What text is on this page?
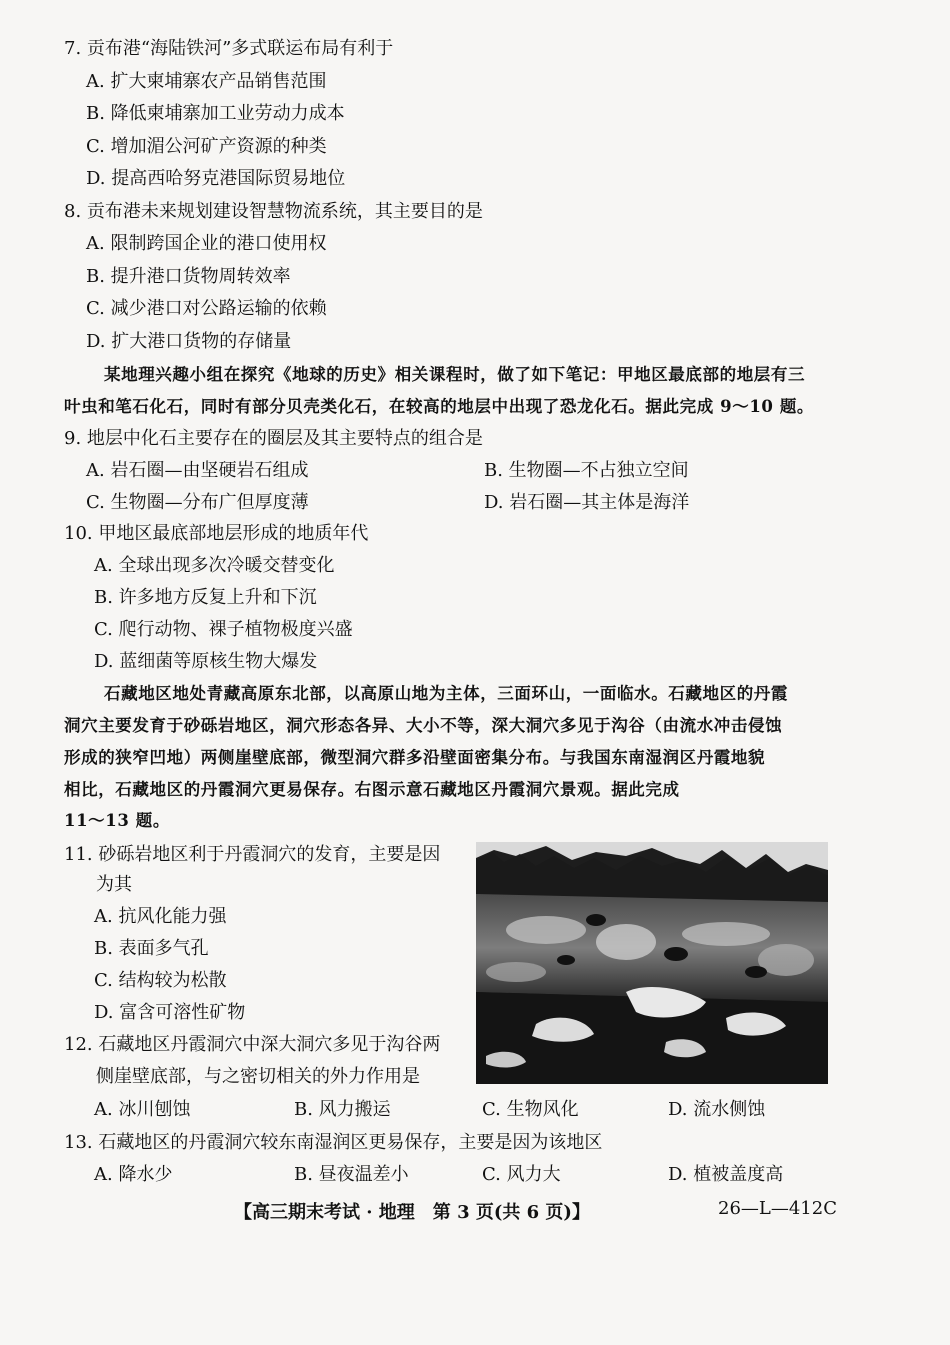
7. 贡布港“海陆铁河”多式联运布局有利于
A. 扩大柬埔寨农产品销售范围
B. 降低柬埔寨加工业劳动力成本
C. 增加湄公河矿产资源的种类
D. 提高西哈努克港国际贸易地位
8. 贡布港未来规划建设智慧物流系统，其主要目的是
A. 限制跨国企业的港口使用权
B. 提升港口货物周转效率
C. 减少港口对公路运输的依赖
D. 扩大港口货物的存储量
某地理兴趣小组在探究《地球的历史》相关课程时，做了如下笔记：甲地区最底部的地层有三
叶虫和笔石化石，同时有部分贝壳类化石，在较高的地层中出现了恐龙化石。据此完成 9～10 题。
9. 地层中化石主要存在的圈层及其主要特点的组合是
A. 岩石圈—由坚硬岩石组成	B. 生物圈—不占独立空间
C. 生物圈—分布广但厚度薄	D. 岩石圈—其主体是海洋
10. 甲地区最底部地层形成的地质年代
A. 全球出现多次冷暖交替变化
B. 许多地方反复上升和下沉
C. 爬行动物、裸子植物极度兴盛
D. 蓝细菌等原核生物大爆发
石藏地区地处青藏高原东北部，以高原山地为主体，三面环山，一面临水。石藏地区的丹霞
洞穴主要发育于砂砾岩地区，洞穴形态各异、大小不等，深大洞穴多见于沟谷（由流水冲击侵蚀
形成的狭窄凹地）两侧崖壁底部，微型洞穴群多沿壁面密集分布。与我国东南湿润区丹霞地貌
相比，石藏地区的丹霞洞穴更易保存。右图示意石藏地区丹霞洞穴景观。据此完成
11～13 题。
11. 砂砾岩地区利于丹霞洞穴的发育，主要是因
为其
A. 抗风化能力强
B. 表面多气孔
C. 结构较为松散
D. 富含可溶性矿物
12. 石藏地区丹霞洞穴中深大洞穴多见于沟谷两
侧崖壁底部，与之密切相关的外力作用是
A. 冰川刨蚀	B. 风力搬运	C. 生物风化	D. 流水侧蚀
13. 石藏地区的丹霞洞穴较东南湿润区更易保存，主要是因为该地区
A. 降水少	B. 昼夜温差小	C. 风力大	D. 植被盖度高
【高三期末考试 · 地理　第 3 页(共 6 页)】	26—L—412C
